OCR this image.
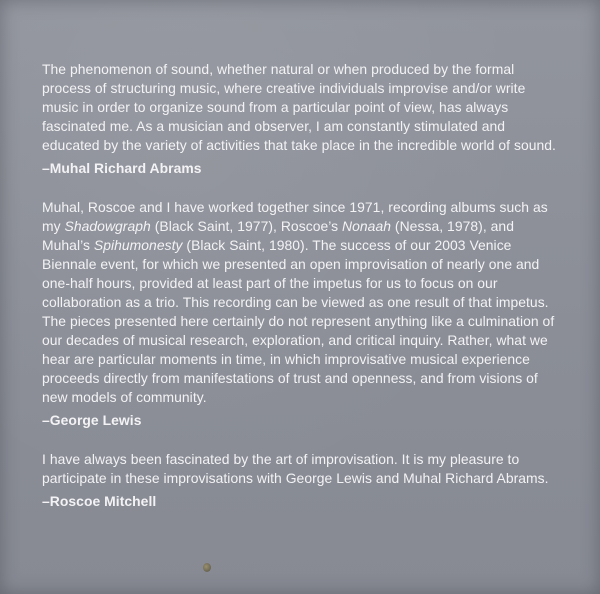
The phenomenon of sound, whether natural or when produced by the formal process of structuring music, where creative individuals improvise and/or write music in order to organize sound from a particular point of view, has always fascinated me. As a musician and observer, I am constantly stimulated and educated by the variety of activities that take place in the incredible world of sound.

–Muhal Richard Abrams

Muhal, Roscoe and I have worked together since 1971, recording albums such as my Shadowgraph (Black Saint, 1977), Roscoe’s Nonaah (Nessa, 1978), and Muhal’s Spihumonesty (Black Saint, 1980). The success of our 2003 Venice Biennale event, for which we presented an open improvisation of nearly one and one-half hours, provided at least part of the impetus for us to focus on our collaboration as a trio. This recording can be viewed as one result of that impetus. The pieces presented here certainly do not represent anything like a culmination of our decades of musical research, exploration, and critical inquiry. Rather, what we hear are particular moments in time, in which improvisative musical experience proceeds directly from manifestations of trust and openness, and from visions of new models of community.

–George Lewis

I have always been fascinated by the art of improvisation. It is my pleasure to participate in these improvisations with George Lewis and Muhal Richard Abrams.

–Roscoe Mitchell
